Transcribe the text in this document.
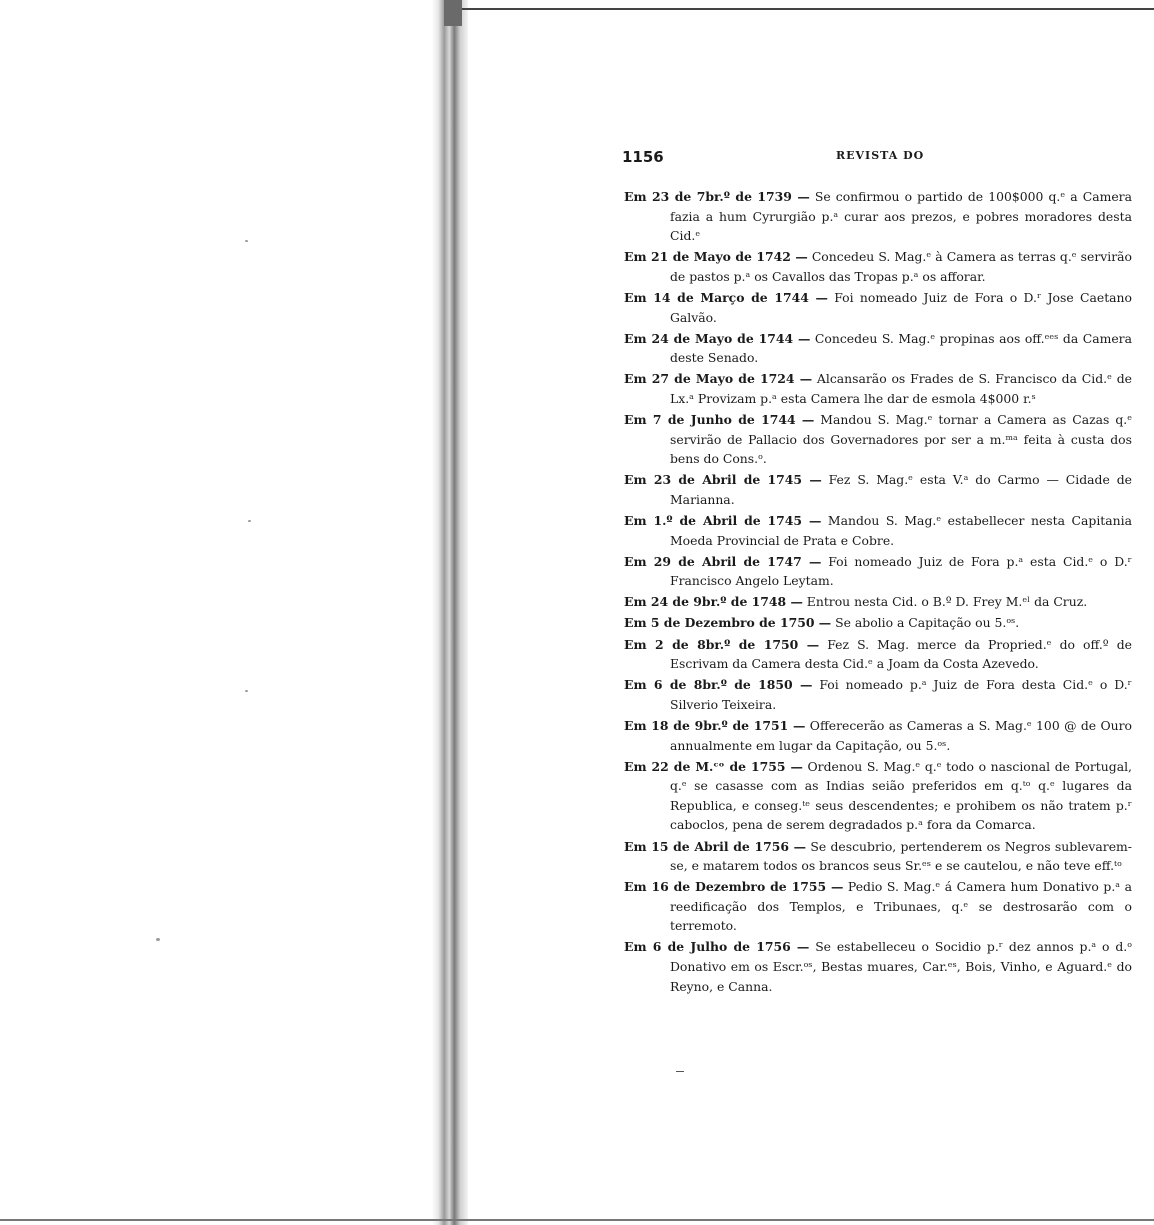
1156	REVISTA DO

Em 23 de 7br.º de 1739 — Se confirmou o partido de 100$000 q.ᵉ a Camera fazia a hum Cyrurgião p.ᵃ curar aos prezos, e pobres moradores desta Cid.ᵉ

Em 21 de Mayo de 1742 — Concedeu S. Mag.ᵉ à Camera as terras q.ᵉ servirão de pastos p.ᵃ os Cavallos das Tropas p.ᵃ os afforar.

Em 14 de Março de 1744 — Foi nomeado Juiz de Fora o D.ʳ Jose Caetano Galvão.

Em 24 de Mayo de 1744 — Concedeu S. Mag.ᵉ propinas aos off.ᵉᵉˢ da Camera deste Senado.

Em 27 de Mayo de 1724 — Alcansarão os Frades de S. Francisco da Cid.ᵉ de Lx.ᵃ Provizam p.ᵃ esta Camera lhe dar de esmola 4$000 r.ˢ

Em 7 de Junho de 1744 — Mandou S. Mag.ᵉ tornar a Camera as Cazas q.ᵉ servirão de Pallacio dos Governadores por ser a m.ᵐᵃ feita à custa dos bens do Cons.ᵒ.

Em 23 de Abril de 1745 — Fez S. Mag.ᵉ esta V.ᵃ do Carmo — Cidade de Marianna.

Em 1.º de Abril de 1745 — Mandou S. Mag.ᵉ estabellecer nesta Capitania Moeda Provincial de Prata e Cobre.

Em 29 de Abril de 1747 — Foi nomeado Juiz de Fora p.ᵃ esta Cid.ᵉ o D.ʳ Francisco Angelo Leytam.

Em 24 de 9br.º de 1748 — Entrou nesta Cid. o B.º D. Frey M.ᵉˡ da Cruz.

Em 5 de Dezembro de 1750 — Se abolio a Capitação ou 5.ᵒˢ.

Em 2 de 8br.º de 1750 — Fez S. Mag. merce da Propried.ᵉ do off.º de Escrivam da Camera desta Cid.ᵉ a Joam da Costa Azevedo.

Em 6 de 8br.º de 1850 — Foi nomeado p.ᵃ Juiz de Fora desta Cid.ᵉ o D.ʳ Silverio Teixeira.

Em 18 de 9br.º de 1751 — Offerecerão as Cameras a S. Mag.ᵉ 100 @ de Ouro annualmente em lugar da Capitação, ou 5.ᵒˢ.

Em 22 de M.ᶜᵒ de 1755 — Ordenou S. Mag.ᵉ q.ᵉ todo o nascional de Portugal, q.ᵉ se casasse com as Indias seião preferidos em q.ᵗᵒ q.ᵉ lugares da Republica, e conseg.ᵗᵉ seus descendentes; e prohibem os não tratem p.ʳ caboclos, pena de serem degradados p.ᵃ fora da Comarca.

Em 15 de Abril de 1756 — Se descubrio, pertenderem os Negros sublevarem-se, e matarem todos os brancos seus Sr.ᵉˢ e se cautelou, e não teve eff.ᵗᵒ

Em 16 de Dezembro de 1755 — Pedio S. Mag.ᵉ á Camera hum Donativo p.ᵃ a reedificação dos Templos, e Tribunaes, q.ᵉ se destrosarão com o terremoto.

Em 6 de Julho de 1756 — Se estabelleceu o Socidio p.ʳ dez annos p.ᵃ o d.ᵒ Donativo em os Escr.ᵒˢ, Bestas muares, Car.ᵉˢ, Bois, Vinho, e Aguard.ᵉ do Reyno, e Canna.
